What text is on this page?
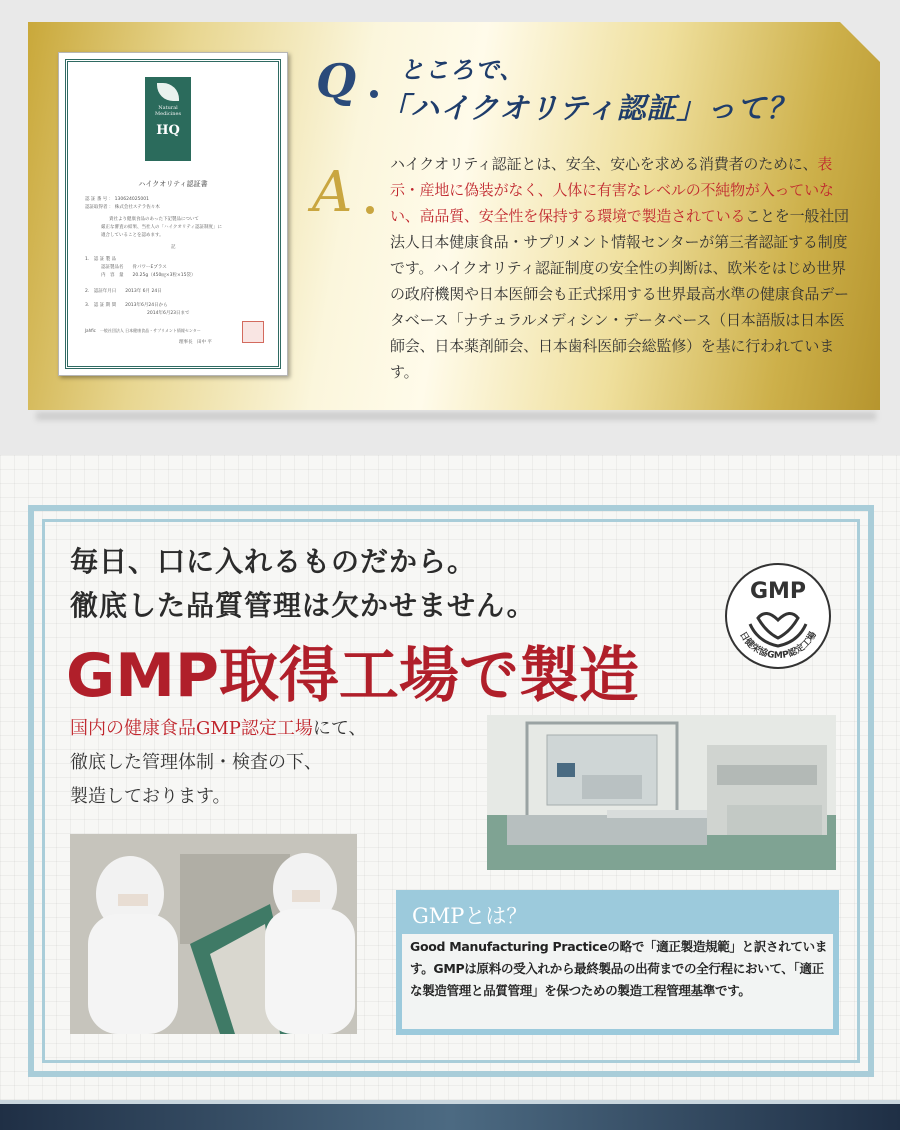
Natural
Medicines
HQ
ハイクオリティ認証書
認 証 番 号 ： 130624025001
認証取得者 ： 株式会社ステラ佐々木
貴社より健康食品のあった下記製品について
厳正な審査の結果、当社人の「ハイクオリティ認証制度」に
適合していることを認めます。
記
1.　認 証 製 品
認証製品名　　骨パワーEプラス
内　容　量　　20.25g（450㎎×3粒×15袋）
2.　認証年月日　　2013年 6月 24日
3.　認 証 期 間　　2013年6月24日から
2014年6月23日まで
Jahfic　一般社団法人 日本健康食品・サプリメント情報センター
理事長　田中 平
Q ところで、
「ハイクオリティ認証」って？
A	ハイクオリティ認証とは、安全、安心を求める消費者のために、表示・産地に偽装がなく、人体に有害なレベルの不純物が入っていない、高品質、安全性を保持する環境で製造されていることを一般社団法人日本健康食品・サプリメント情報センターが第三者認証する制度です。ハイクオリティ認証制度の安全性の判断は、欧米をはじめ世界の政府機関や日本医師会も正式採用する世界最高水準の健康食品データベース「ナチュラルメディシン・データベース（日本語版は日本医師会、日本薬剤師会、日本歯科医師会総監修）を基に行われています。
毎日、口に入れるものだから。
徹底した品質管理は欠かせません。
GMP取得工場で製造
GMP
日健栄協GMP認定工場
国内の健康食品GMP認定工場にて、
徹底した管理体制・検査の下、
製造しております。
GMPとは？
Good Manufacturing Practiceの略で「適正製造規範」と訳されています。GMPは原料の受入れから最終製品の出荷までの全行程において、「適正な製造管理と品質管理」を保つための製造工程管理基準です。
